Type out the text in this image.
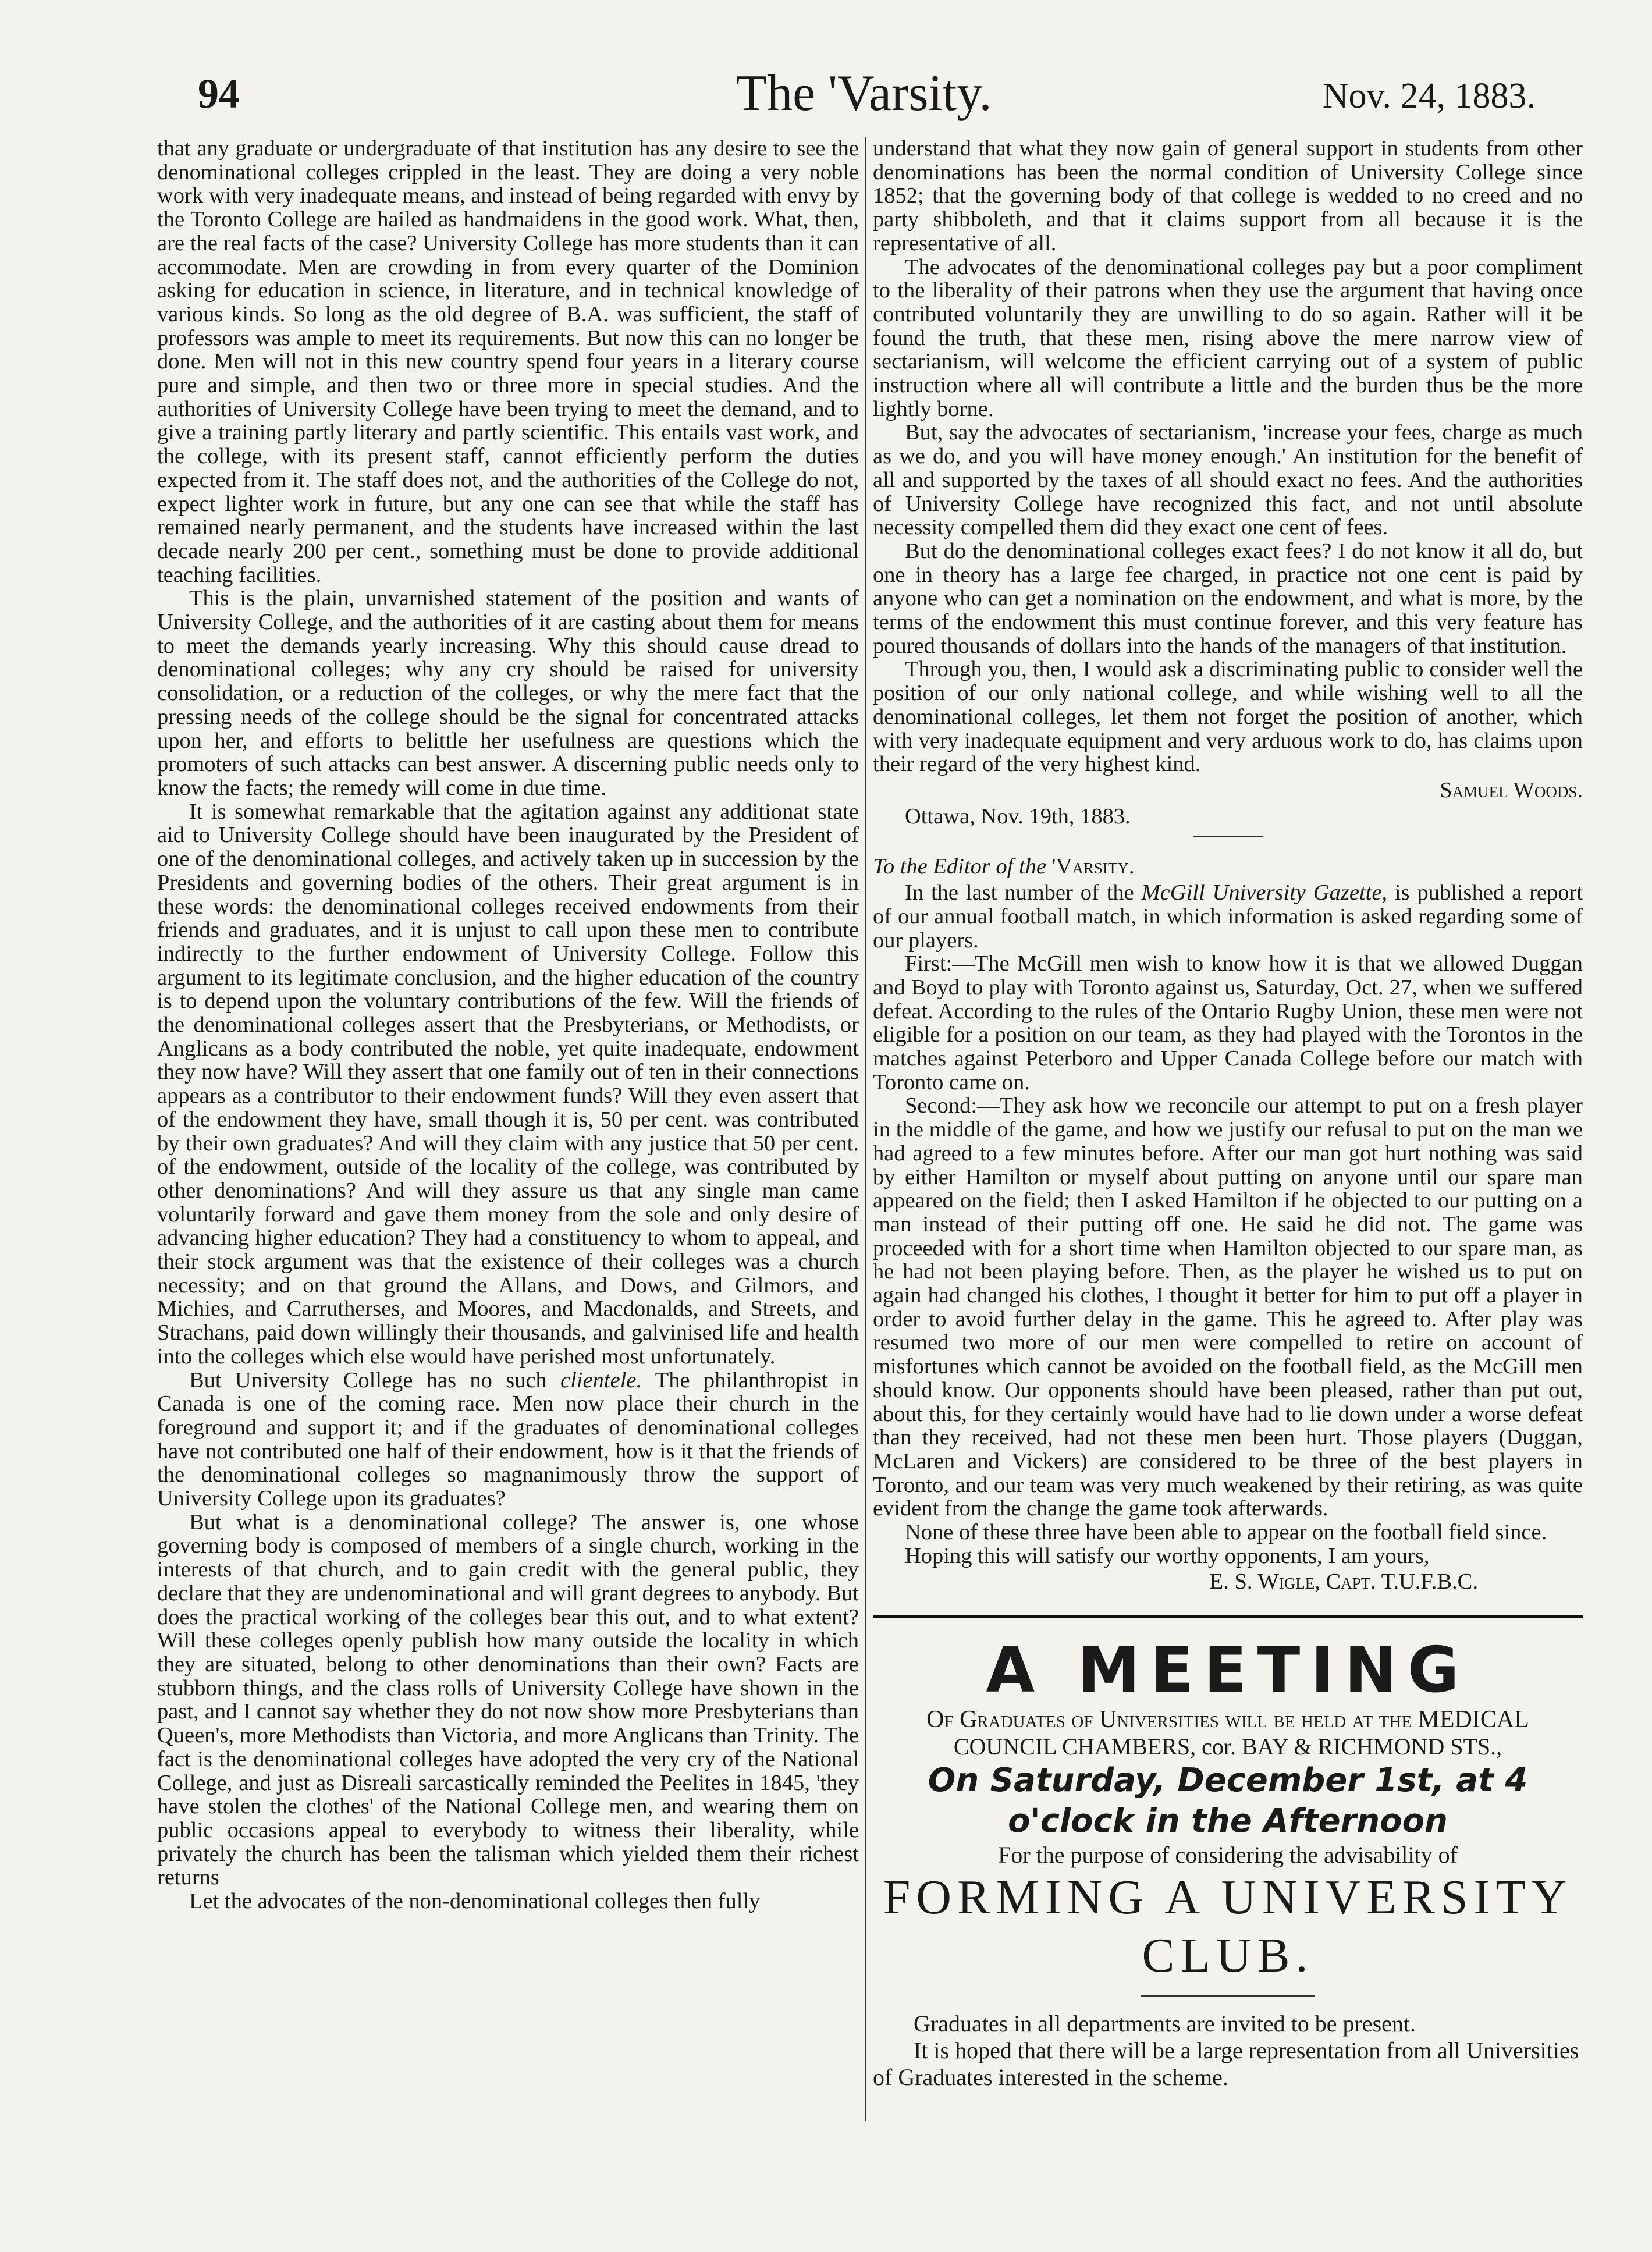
94	The 'Varsity.	Nov. 24, 1883.

that any graduate or undergraduate of that institution has any desire to see the denominational colleges crippled in the least. They are doing a very noble work with very inadequate means, and instead of being regarded with envy by the Toronto College are hailed as handmaidens in the good work. What, then, are the real facts of the case? University College has more students than it can accommodate. Men are crowding in from every quarter of the Dominion asking for education in science, in literature, and in technical knowledge of various kinds. So long as the old degree of B.A. was sufficient, the staff of professors was ample to meet its requirements. But now this can no longer be done. Men will not in this new country spend four years in a literary course pure and simple, and then two or three more in special studies. And the authorities of University College have been trying to meet the demand, and to give a training partly literary and partly scientific. This entails vast work, and the college, with its present staff, cannot efficiently perform the duties expected from it. The staff does not, and the authorities of the College do not, expect lighter work in future, but any one can see that while the staff has remained nearly permanent, and the students have increased within the last decade nearly 200 per cent., something must be done to provide additional teaching facilities.

This is the plain, unvarnished statement of the position and wants of University College, and the authorities of it are casting about them for means to meet the demands yearly increasing. Why this should cause dread to denominational colleges; why any cry should be raised for university consolidation, or a reduction of the colleges, or why the mere fact that the pressing needs of the college should be the signal for concentrated attacks upon her, and efforts to belittle her usefulness are questions which the promoters of such attacks can best answer. A discerning public needs only to know the facts; the remedy will come in due time.

It is somewhat remarkable that the agitation against any additionat state aid to University College should have been inaugurated by the President of one of the denominational colleges, and actively taken up in succession by the Presidents and governing bodies of the others. Their great argument is in these words: the denominational colleges received endowments from their friends and graduates, and it is unjust to call upon these men to contribute indirectly to the further endowment of University College. Follow this argument to its legitimate conclusion, and the higher education of the country is to depend upon the voluntary contributions of the few. Will the friends of the denominational colleges assert that the Presbyterians, or Methodists, or Anglicans as a body contributed the noble, yet quite inadequate, endowment they now have? Will they assert that one family out of ten in their connections appears as a contributor to their endowment funds? Will they even assert that of the endowment they have, small though it is, 50 per cent. was contributed by their own graduates? And will they claim with any justice that 50 per cent. of the endowment, outside of the locality of the college, was contributed by other denominations? And will they assure us that any single man came voluntarily forward and gave them money from the sole and only desire of advancing higher education? They had a constituency to whom to appeal, and their stock argument was that the existence of their colleges was a church necessity; and on that ground the Allans, and Dows, and Gilmors, and Michies, and Carrutherses, and Moores, and Macdonalds, and Streets, and Strachans, paid down willingly their thousands, and galvinised life and health into the colleges which else would have perished most unfortunately.

But University College has no such clientele. The philanthropist in Canada is one of the coming race. Men now place their church in the foreground and support it; and if the graduates of denominational colleges have not contributed one half of their endowment, how is it that the friends of the denominational colleges so magnanimously throw the support of University College upon its graduates?

But what is a denominational college? The answer is, one whose governing body is composed of members of a single church, working in the interests of that church, and to gain credit with the general public, they declare that they are undenominational and will grant degrees to anybody. But does the practical working of the colleges bear this out, and to what extent? Will these colleges openly publish how many outside the locality in which they are situated, belong to other denominations than their own? Facts are stubborn things, and the class rolls of University College have shown in the past, and I cannot say whether they do not now show more Presbyterians than Queen's, more Methodists than Victoria, and more Anglicans than Trinity. The fact is the denominational colleges have adopted the very cry of the National College, and just as Disreali sarcastically reminded the Peelites in 1845, 'they have stolen the clothes' of the National College men, and wearing them on public occasions appeal to everybody to witness their liberality, while privately the church has been the talisman which yielded them their richest returns

Let the advocates of the non-denominational colleges then fully

understand that what they now gain of general support in students from other denominations has been the normal condition of University College since 1852; that the governing body of that college is wedded to no creed and no party shibboleth, and that it claims support from all because it is the representative of all.

The advocates of the denominational colleges pay but a poor compliment to the liberality of their patrons when they use the argument that having once contributed voluntarily they are unwilling to do so again. Rather will it be found the truth, that these men, rising above the mere narrow view of sectarianism, will welcome the efficient carrying out of a system of public instruction where all will contribute a little and the burden thus be the more lightly borne.

But, say the advocates of sectarianism, 'increase your fees, charge as much as we do, and you will have money enough.' An institution for the benefit of all and supported by the taxes of all should exact no fees. And the authorities of University College have recognized this fact, and not until absolute necessity compelled them did they exact one cent of fees.

But do the denominational colleges exact fees? I do not know it all do, but one in theory has a large fee charged, in practice not one cent is paid by anyone who can get a nomination on the endowment, and what is more, by the terms of the endowment this must continue forever, and this very feature has poured thousands of dollars into the hands of the managers of that institution.

Through you, then, I would ask a discriminating public to consider well the position of our only national college, and while wishing well to all the denominational colleges, let them not forget the position of another, which with very inadequate equipment and very arduous work to do, has claims upon their regard of the very highest kind.

Samuel Woods.
Ottawa, Nov. 19th, 1883.

To the Editor of the 'Varsity.

In the last number of the McGill University Gazette, is published a report of our annual football match, in which information is asked regarding some of our players.

First:—The McGill men wish to know how it is that we allowed Duggan and Boyd to play with Toronto against us, Saturday, Oct. 27, when we suffered defeat. According to the rules of the Ontario Rugby Union, these men were not eligible for a position on our team, as they had played with the Torontos in the matches against Peterboro and Upper Canada College before our match with Toronto came on.

Second:—They ask how we reconcile our attempt to put on a fresh player in the middle of the game, and how we justify our refusal to put on the man we had agreed to a few minutes before. After our man got hurt nothing was said by either Hamilton or myself about putting on anyone until our spare man appeared on the field; then I asked Hamilton if he objected to our putting on a man instead of their putting off one. He said he did not. The game was proceeded with for a short time when Hamilton objected to our spare man, as he had not been playing before. Then, as the player he wished us to put on again had changed his clothes, I thought it better for him to put off a player in order to avoid further delay in the game. This he agreed to. After play was resumed two more of our men were compelled to retire on account of misfortunes which cannot be avoided on the football field, as the McGill men should know. Our opponents should have been pleased, rather than put out, about this, for they certainly would have had to lie down under a worse defeat than they received, had not these men been hurt. Those players (Duggan, McLaren and Vickers) are considered to be three of the best players in Toronto, and our team was very much weakened by their retiring, as was quite evident from the change the game took afterwards.

None of these three have been able to appear on the football field since.

Hoping this will satisfy our worthy opponents, I am yours,

E. S. Wigle, Capt. T.U.F.B.C.
A MEETING
Of Graduates of Universities will be held at the MEDICAL
COUNCIL CHAMBERS, cor. BAY & RICHMOND STS.,
On Saturday, December 1st, at 4 o'clock in the Afternoon
For the purpose of considering the advisability of
FORMING A UNIVERSITY CLUB.

Graduates in all departments are invited to be present.

It is hoped that there will be a large representation from all Universities of Graduates interested in the scheme.
